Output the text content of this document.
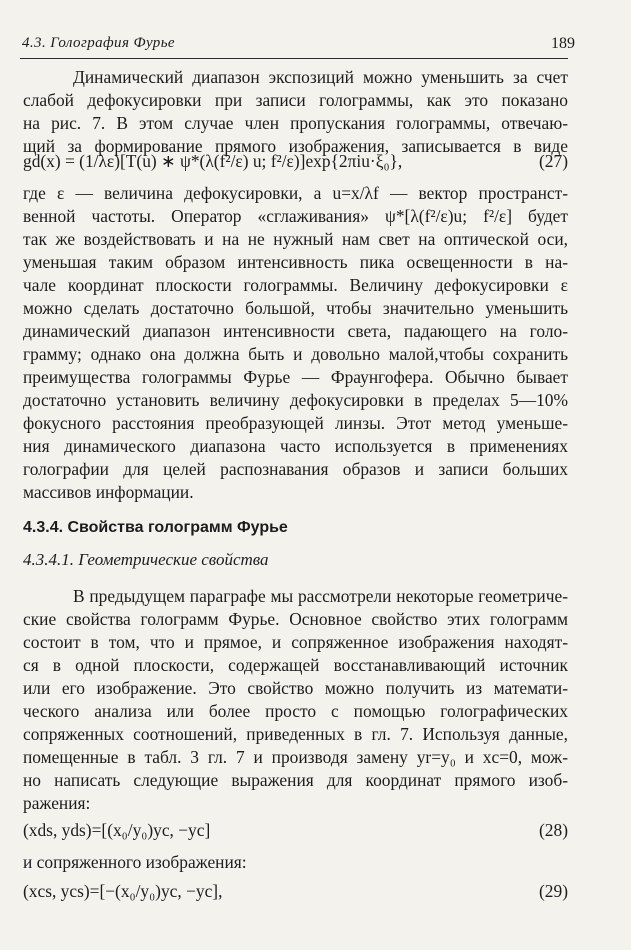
4.3. Голография Фурье	189
Динамический диапазон экспозиций можно уменьшить за счет
слабой дефокусировки при записи голограммы, как это показано
на рис. 7. В этом случае член пропускания голограммы, отвечаю-
щий за формирование прямого изображения, записывается в виде
gd(x) = (1/λε)[T(u) ∗ ψ*(λ(f²/ε) u; f²/ε)]exp{2πiu·ξ₀},	(27)
где ε — величина дефокусировки, а u=x/λf — вектор пространст-
венной частоты. Оператор «сглаживания» ψ*[λ(f²/ε)u; f²/ε] будет
так же воздействовать и на не нужный нам свет на оптической оси,
уменьшая таким образом интенсивность пика освещенности в на-
чале координат плоскости голограммы. Величину дефокусировки ε
можно сделать достаточно большой, чтобы значительно уменьшить
динамический диапазон интенсивности света, падающего на голо-
грамму; однако она должна быть и довольно малой,чтобы сохранить
преимущества голограммы Фурье — Фраунгофера. Обычно бывает
достаточно установить величину дефокусировки в пределах 5—10%
фокусного расстояния преобразующей линзы. Этот метод уменьше-
ния динамического диапазона часто используется в применениях
голографии для целей распознавания образов и записи больших
массивов информации.
4.3.4. Свойства голограмм Фурье
4.3.4.1. Геометрические свойства
В предыдущем параграфе мы рассмотрели некоторые геометриче-
ские свойства голограмм Фурье. Основное свойство этих голограмм
состоит в том, что и прямое, и сопряженное изображения находят-
ся в одной плоскости, содержащей восстанавливающий источник
или его изображение. Это свойство можно получить из математи-
ческого анализа или более просто с помощью голографических
сопряженных соотношений, приведенных в гл. 7. Используя данные,
помещенные в табл. 3 гл. 7 и производя замену yr=y₀ и xc=0, мож-
но написать следующие выражения для координат прямого изоб-
ражения:
(xds, yds)=[(x₀/y₀)yc, −yc]	(28)
и сопряженного изображения:
(xcs, ycs)=[−(x₀/y₀)yc, −yc],	(29)
